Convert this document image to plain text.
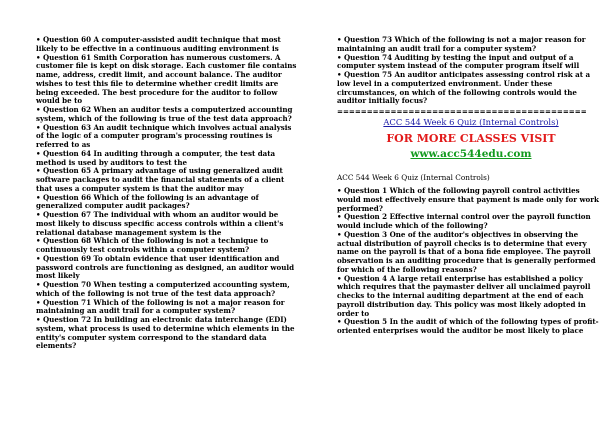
• Question 60 A computer-assisted audit technique that most likely to be effective in a continuous auditing environment is

• Question 61 Smith Corporation has numerous customers. A customer file is kept on disk storage. Each customer file contains name, address, credit limit, and account balance. The auditor wishes to test this file to determine whether credit limits are being exceeded. The best procedure for the auditor to follow would be to

• Question 62 When an auditor tests a computerized accounting system, which of the following is true of the test data approach?

• Question 63 An audit technique which involves actual analysis of the logic of a computer program's processing routines is referred to as

• Question 64 In auditing through a computer, the test data method is used by auditors to test the

• Question 65 A primary advantage of using generalized audit software packages to audit the financial statements of a client that uses a computer system is that the auditor may

• Question 66 Which of the following is an advantage of generalized computer audit packages?

• Question 67 The individual with whom an auditor would be most likely to discuss specific access controls within a client's relational database management system is the

• Question 68 Which of the following is not a technique to continuously test controls within a computer system?

• Question 69 To obtain evidence that user identification and password controls are functioning as designed, an auditor would most likely

• Question 70 When testing a computerized accounting system, which of the following is not true of the test data approach?

• Question 71 Which of the following is not a major reason for maintaining an audit trail for a computer system?

• Question 72 In building an electronic data interchange (EDI) system, what process is used to determine which elements in the entity's computer system correspond to the standard data elements?

• Question 73 Which of the following is not a major reason for maintaining an audit trail for a computer system?

• Question 74 Auditing by testing the input and output of a computer system instead of the computer program itself will

• Question 75 An auditor anticipates assessing control risk at a low level in a computerized environment. Under these circumstances, on which of the following controls would the auditor initially focus?

==========================================
ACC 544 Week 6 Quiz (Internal Controls)
FOR MORE CLASSES VISIT
www.acc544edu.com
ACC 544 Week 6 Quiz (Internal Controls)

• Question 1 Which of the following payroll control activities would most effectively ensure that payment is made only for work performed?

• Question 2 Effective internal control over the payroll function would include which of the following?

• Question 3 One of the auditor's objectives in observing the actual distribution of payroll checks is to determine that every name on the payroll is that of a bona fide employee. The payroll observation is an auditing procedure that is generally performed for which of the following reasons?

• Question 4 A large retail enterprise has established a policy which requires that the paymaster deliver all unclaimed payroll checks to the internal auditing department at the end of each payroll distribution day. This policy was most likely adopted in order to

• Question 5 In the audit of which of the following types of profit-oriented enterprises would the auditor be most likely to place
